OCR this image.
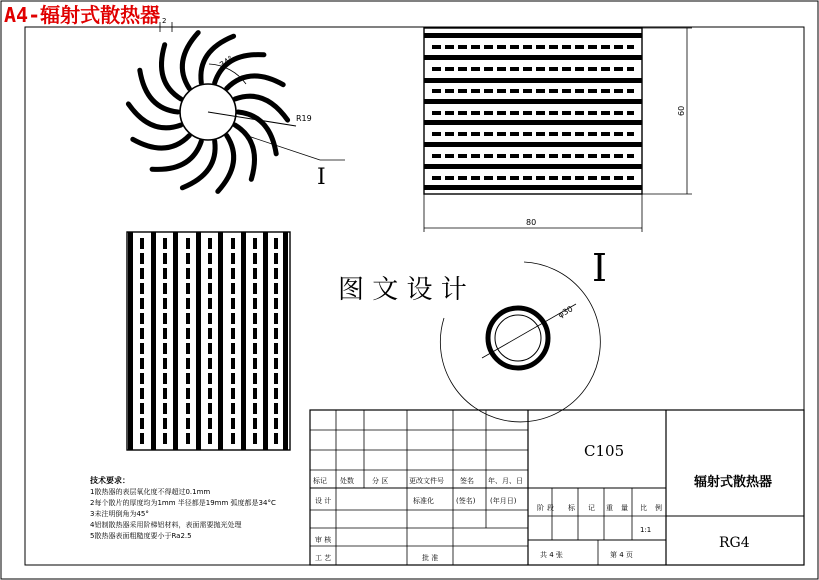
A4-辐射式散热器
R19
34°
2
I
80
60
图 文 设 计	I
φ30
技术要求：
1散热器的表层氧化度不得超过0.1mm
2每个散片的厚度均为1mm 半径都是19mm 弧度都是34°C
3未注明倒角为45°
4铝制散热器采用阶梯铝材料，表面需要抛光处理
5散热器表面粗糙度要小于Ra2.5
标记 处数	分 区	更改文件号 签名 年、月、日
设 计	标准化	(签名) (年月日)
审 核
工 艺	批 准
C105
阶 段 标 记 重 量 比 例
1:1
共 4 张	第 4 页
辐射式散热器
RG4
